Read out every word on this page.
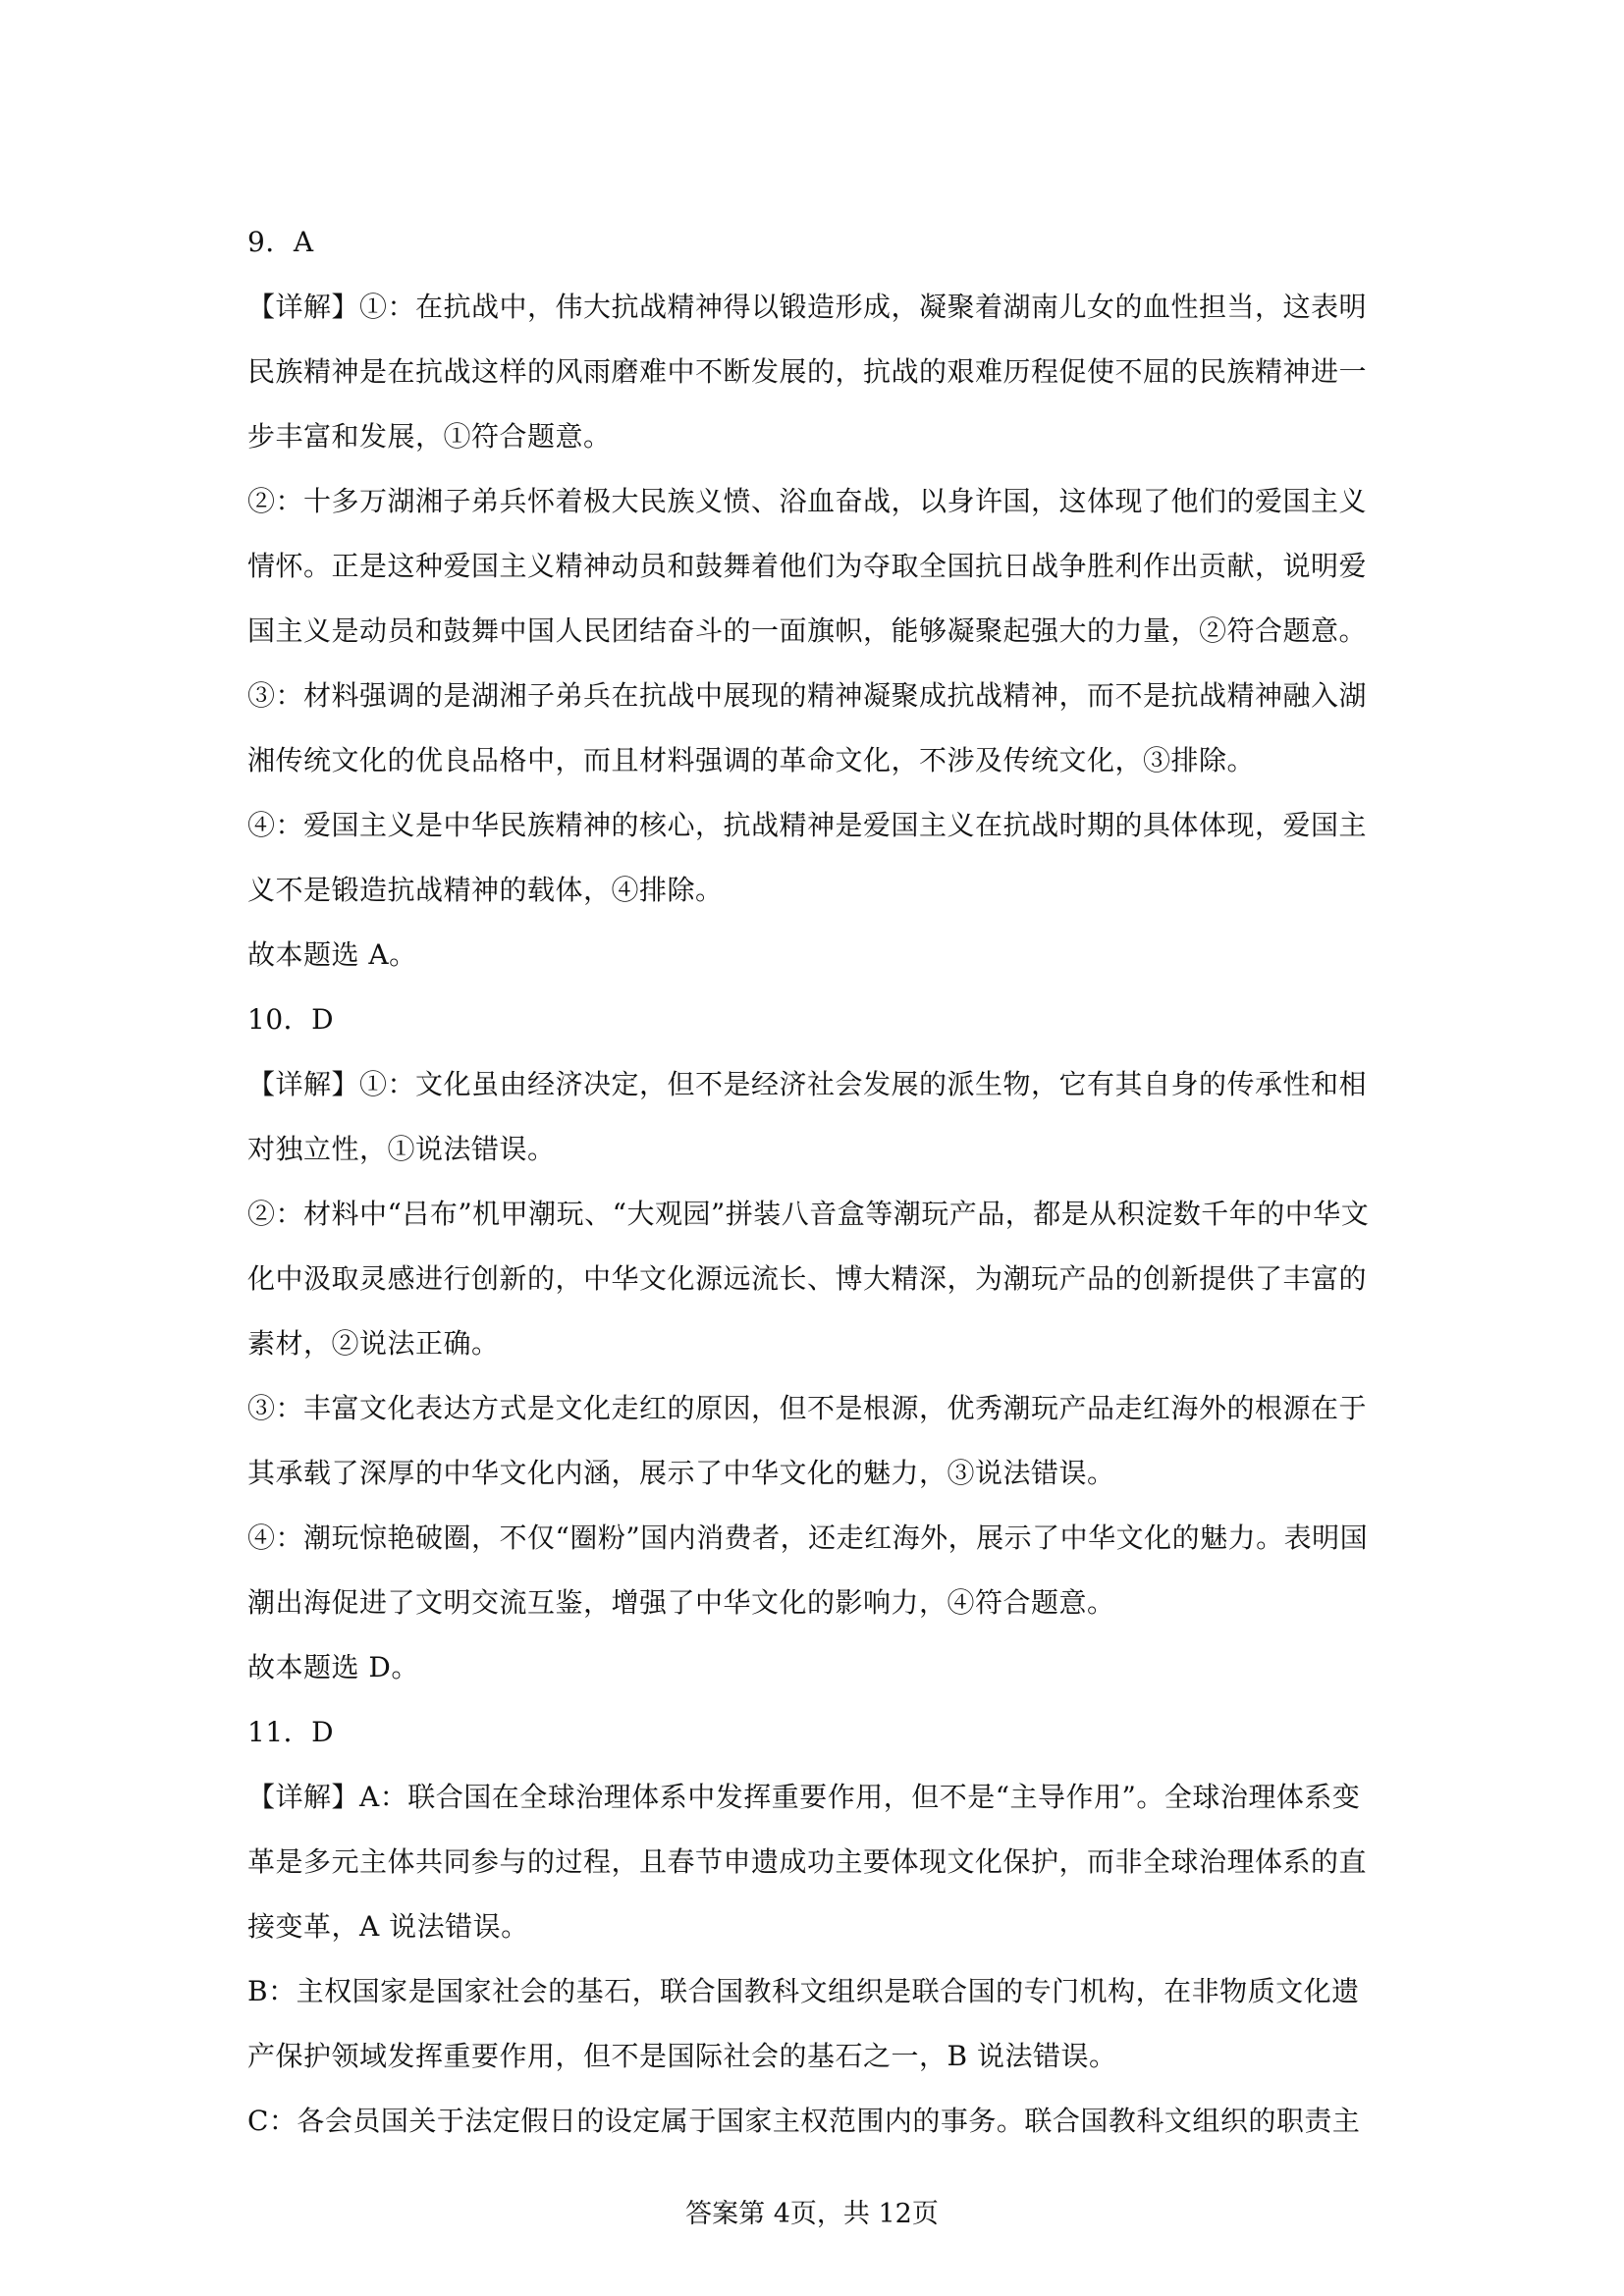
9．A
【详解】①：在抗战中，伟大抗战精神得以锻造形成，凝聚着湖南儿女的血性担当，这表明
民族精神是在抗战这样的风雨磨难中不断发展的，抗战的艰难历程促使不屈的民族精神进一
步丰富和发展，①符合题意。
②：十多万湖湘子弟兵怀着极大民族义愤、浴血奋战，以身许国，这体现了他们的爱国主义
情怀。正是这种爱国主义精神动员和鼓舞着他们为夺取全国抗日战争胜利作出贡献，说明爱
国主义是动员和鼓舞中国人民团结奋斗的一面旗帜，能够凝聚起强大的力量，②符合题意。
③：材料强调的是湖湘子弟兵在抗战中展现的精神凝聚成抗战精神，而不是抗战精神融入湖
湘传统文化的优良品格中，而且材料强调的革命文化，不涉及传统文化，③排除。
④：爱国主义是中华民族精神的核心，抗战精神是爱国主义在抗战时期的具体体现，爱国主
义不是锻造抗战精神的载体，④排除。
故本题选 A。
10．D
【详解】①：文化虽由经济决定，但不是经济社会发展的派生物，它有其自身的传承性和相
对独立性，①说法错误。
②：材料中“吕布”机甲潮玩、“大观园”拼装八音盒等潮玩产品，都是从积淀数千年的中华文
化中汲取灵感进行创新的，中华文化源远流长、博大精深，为潮玩产品的创新提供了丰富的
素材，②说法正确。
③：丰富文化表达方式是文化走红的原因，但不是根源，优秀潮玩产品走红海外的根源在于
其承载了深厚的中华文化内涵，展示了中华文化的魅力，③说法错误。
④：潮玩惊艳破圈，不仅“圈粉”国内消费者，还走红海外，展示了中华文化的魅力。表明国
潮出海促进了文明交流互鉴，增强了中华文化的影响力，④符合题意。
故本题选 D。
11．D
【详解】A：联合国在全球治理体系中发挥重要作用，但不是“主导作用”。全球治理体系变
革是多元主体共同参与的过程，且春节申遗成功主要体现文化保护，而非全球治理体系的直
接变革，A 说法错误。
B：主权国家是国家社会的基石，联合国教科文组织是联合国的专门机构，在非物质文化遗
产保护领域发挥重要作用，但不是国际社会的基石之一，B 说法错误。
C：各会员国关于法定假日的设定属于国家主权范围内的事务。联合国教科文组织的职责主
答案第 4页，共 12页
